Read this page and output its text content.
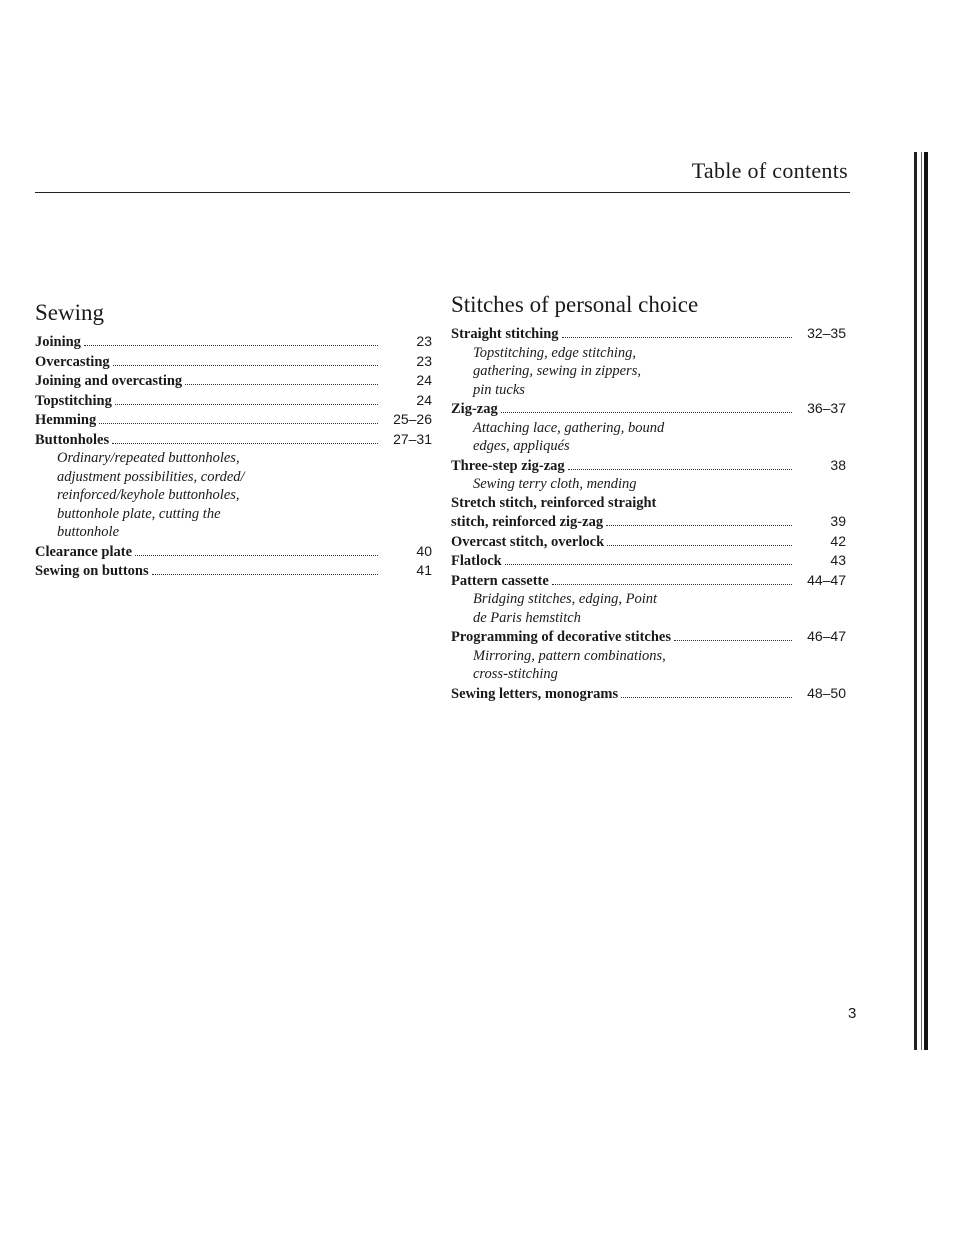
Table of contents
Sewing
Joining	23
Overcasting	23
Joining and overcasting	24
Topstitching	24
Hemming	25–26
Buttonholes	27–31
Ordinary/repeated buttonholes,
adjustment possibilities, corded/
reinforced/keyhole buttonholes,
buttonhole plate, cutting the
buttonhole
Clearance plate	40
Sewing on buttons	41
Stitches of personal choice
Straight stitching	32–35
Topstitching, edge stitching,
gathering, sewing in zippers,
pin tucks
Zig-zag	36–37
Attaching lace, gathering, bound
edges, appliqués
Three-step zig-zag	38
Sewing terry cloth, mending
Stretch stitch, reinforced straight
stitch, reinforced zig-zag	39
Overcast stitch, overlock	42
Flatlock	43
Pattern cassette	44–47
Bridging stitches, edging, Point
de Paris hemstitch
Programming of decorative stitches	46–47
Mirroring, pattern combinations,
cross-stitching
Sewing letters, monograms	48–50
3
